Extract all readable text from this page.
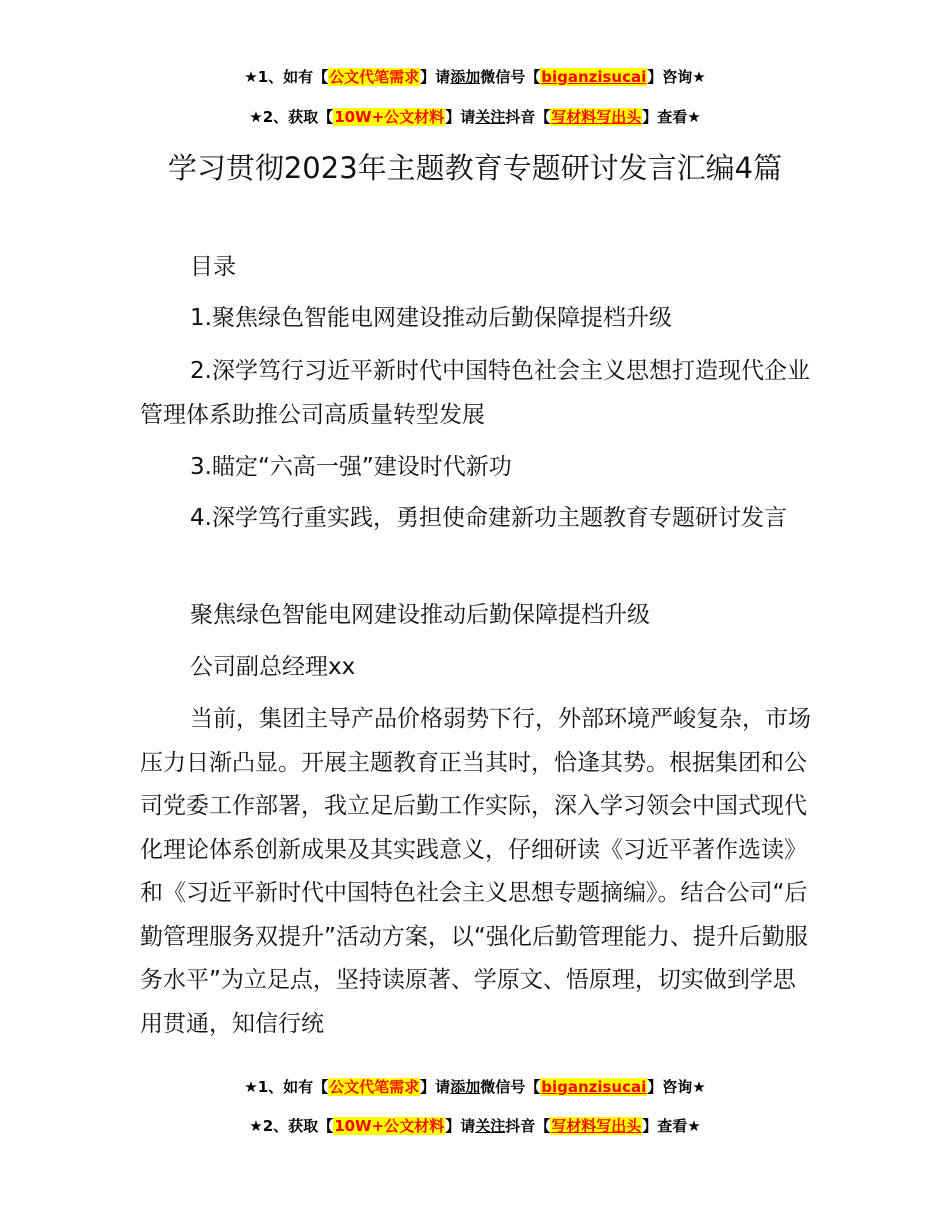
★1、如有【公文代笔需求】请添加微信号【biganzisucai】咨询★
★2、获取【10W+公文材料】请关注抖音【写材料写出头】查看★
学习贯彻2023年主题教育专题研讨发言汇编4篇

目录

1.聚焦绿色智能电网建设推动后勤保障提档升级

2.深学笃行习近平新时代中国特色社会主义思想打造现代企业管理体系助推公司高质量转型发展

3.瞄定“六高一强”建设时代新功

4.深学笃行重实践，勇担使命建新功主题教育专题研讨发言

聚焦绿色智能电网建设推动后勤保障提档升级

公司副总经理xx

当前，集团主导产品价格弱势下行，外部环境严峻复杂，市场压力日渐凸显。开展主题教育正当其时，恰逢其势。根据集团和公司党委工作部署，我立足后勤工作实际，深入学习领会中国式现代化理论体系创新成果及其实践意义，仔细研读《习近平著作选读》和《习近平新时代中国特色社会主义思想专题摘编》。结合公司“后勤管理服务双提升”活动方案，以“强化后勤管理能力、提升后勤服务水平”为立足点，坚持读原著、学原文、悟原理，切实做到学思用贯通，知信行统

★1、如有【公文代笔需求】请添加微信号【biganzisucai】咨询★
★2、获取【10W+公文材料】请关注抖音【写材料写出头】查看★
